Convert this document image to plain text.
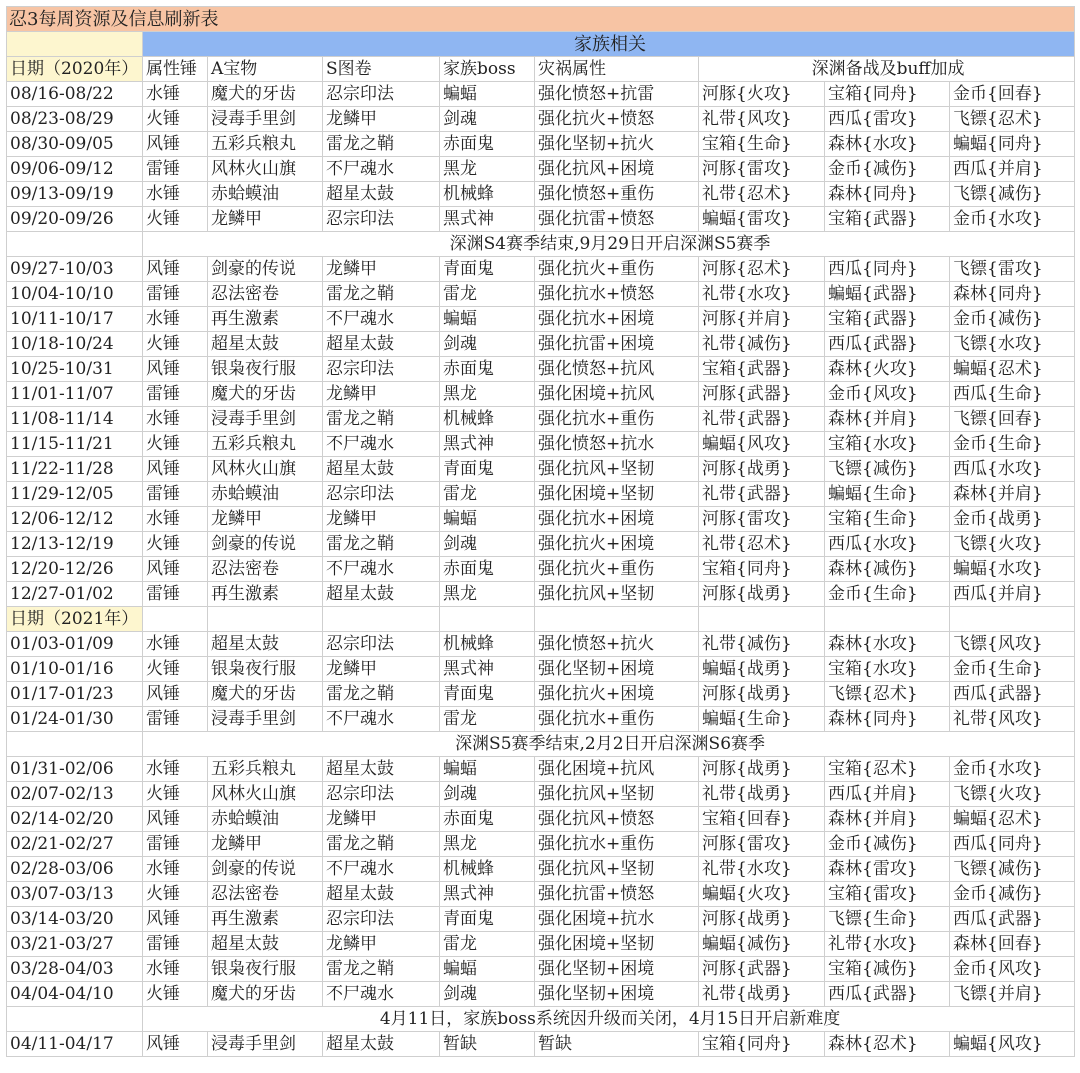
忍3每周资源及信息刷新表								
	家族相关							
日期（2020年）	属性锤	A宝物	S图卷	家族boss	灾祸属性	深渊备战及buff加成		
08/16-08/22	水锤	魔犬的牙齿	忍宗印法	蝙蝠	强化愤怒+抗雷	河豚{火攻}	宝箱{同舟}	金币{回春}
08/23-08/29	火锤	浸毒手里剑	龙鳞甲	剑魂	强化抗火+愤怒	礼带{风攻}	西瓜{雷攻}	飞镖{忍术}
08/30-09/05	风锤	五彩兵粮丸	雷龙之鞘	赤面鬼	强化坚韧+抗火	宝箱{生命}	森林{水攻}	蝙蝠{同舟}
09/06-09/12	雷锤	风林火山旗	不尸魂水	黑龙	强化抗风+困境	河豚{雷攻}	金币{减伤}	西瓜{并肩}
09/13-09/19	水锤	赤蛤蟆油	超星太鼓	机械蜂	强化愤怒+重伤	礼带{忍术}	森林{同舟}	飞镖{减伤}
09/20-09/26	火锤	龙鳞甲	忍宗印法	黑式神	强化抗雷+愤怒	蝙蝠{雷攻}	宝箱{武器}	金币{水攻}
	深渊S4赛季结束,9月29日开启深渊S5赛季							
09/27-10/03	风锤	剑豪的传说	龙鳞甲	青面鬼	强化抗火+重伤	河豚{忍术}	西瓜{同舟}	飞镖{雷攻}
10/04-10/10	雷锤	忍法密卷	雷龙之鞘	雷龙	强化抗水+愤怒	礼带{水攻}	蝙蝠{武器}	森林{同舟}
10/11-10/17	水锤	再生激素	不尸魂水	蝙蝠	强化抗水+困境	河豚{并肩}	宝箱{武器}	金币{减伤}
10/18-10/24	火锤	超星太鼓	超星太鼓	剑魂	强化抗雷+困境	礼带{减伤}	西瓜{武器}	飞镖{水攻}
10/25-10/31	风锤	银枭夜行服	忍宗印法	赤面鬼	强化愤怒+抗风	宝箱{武器}	森林{火攻}	蝙蝠{忍术}
11/01-11/07	雷锤	魔犬的牙齿	龙鳞甲	黑龙	强化困境+抗风	河豚{武器}	金币{风攻}	西瓜{生命}
11/08-11/14	水锤	浸毒手里剑	雷龙之鞘	机械蜂	强化抗水+重伤	礼带{武器}	森林{并肩}	飞镖{回春}
11/15-11/21	火锤	五彩兵粮丸	不尸魂水	黑式神	强化愤怒+抗水	蝙蝠{风攻}	宝箱{水攻}	金币{生命}
11/22-11/28	风锤	风林火山旗	超星太鼓	青面鬼	强化抗风+坚韧	河豚{战勇}	飞镖{减伤}	西瓜{水攻}
11/29-12/05	雷锤	赤蛤蟆油	忍宗印法	雷龙	强化困境+坚韧	礼带{武器}	蝙蝠{生命}	森林{并肩}
12/06-12/12	水锤	龙鳞甲	龙鳞甲	蝙蝠	强化抗水+困境	河豚{雷攻}	宝箱{生命}	金币{战勇}
12/13-12/19	火锤	剑豪的传说	雷龙之鞘	剑魂	强化抗火+困境	礼带{忍术}	西瓜{水攻}	飞镖{火攻}
12/20-12/26	风锤	忍法密卷	不尸魂水	赤面鬼	强化抗火+重伤	宝箱{同舟}	森林{减伤}	蝙蝠{水攻}
12/27-01/02	雷锤	再生激素	超星太鼓	黑龙	强化抗风+坚韧	河豚{战勇}	金币{生命}	西瓜{并肩}
日期（2021年）								
01/03-01/09	水锤	超星太鼓	忍宗印法	机械蜂	强化愤怒+抗火	礼带{减伤}	森林{水攻}	飞镖{风攻}
01/10-01/16	火锤	银枭夜行服	龙鳞甲	黑式神	强化坚韧+困境	蝙蝠{战勇}	宝箱{水攻}	金币{生命}
01/17-01/23	风锤	魔犬的牙齿	雷龙之鞘	青面鬼	强化抗火+困境	河豚{战勇}	飞镖{忍术}	西瓜{武器}
01/24-01/30	雷锤	浸毒手里剑	不尸魂水	雷龙	强化抗水+重伤	蝙蝠{生命}	森林{同舟}	礼带{风攻}
	深渊S5赛季结束,2月2日开启深渊S6赛季							
01/31-02/06	水锤	五彩兵粮丸	超星太鼓	蝙蝠	强化困境+抗风	河豚{战勇}	宝箱{忍术}	金币{水攻}
02/07-02/13	火锤	风林火山旗	忍宗印法	剑魂	强化抗风+坚韧	礼带{战勇}	西瓜{并肩}	飞镖{火攻}
02/14-02/20	风锤	赤蛤蟆油	龙鳞甲	赤面鬼	强化抗风+愤怒	宝箱{回春}	森林{并肩}	蝙蝠{忍术}
02/21-02/27	雷锤	龙鳞甲	雷龙之鞘	黑龙	强化抗水+重伤	河豚{雷攻}	金币{减伤}	西瓜{同舟}
02/28-03/06	水锤	剑豪的传说	不尸魂水	机械蜂	强化抗风+坚韧	礼带{水攻}	森林{雷攻}	飞镖{减伤}
03/07-03/13	火锤	忍法密卷	超星太鼓	黑式神	强化抗雷+愤怒	蝙蝠{火攻}	宝箱{雷攻}	金币{减伤}
03/14-03/20	风锤	再生激素	忍宗印法	青面鬼	强化困境+抗水	河豚{战勇}	飞镖{生命}	西瓜{武器}
03/21-03/27	雷锤	超星太鼓	龙鳞甲	雷龙	强化困境+坚韧	蝙蝠{减伤}	礼带{水攻}	森林{回春}
03/28-04/03	水锤	银枭夜行服	雷龙之鞘	蝙蝠	强化坚韧+困境	河豚{武器}	宝箱{减伤}	金币{风攻}
04/04-04/10	火锤	魔犬的牙齿	不尸魂水	剑魂	强化坚韧+困境	礼带{战勇}	西瓜{武器}	飞镖{并肩}
	4月11日，家族boss系统因升级而关闭，4月15日开启新难度							
04/11-04/17	风锤	浸毒手里剑	超星太鼓	暂缺	暂缺	宝箱{同舟}	森林{忍术}	蝙蝠{风攻}
